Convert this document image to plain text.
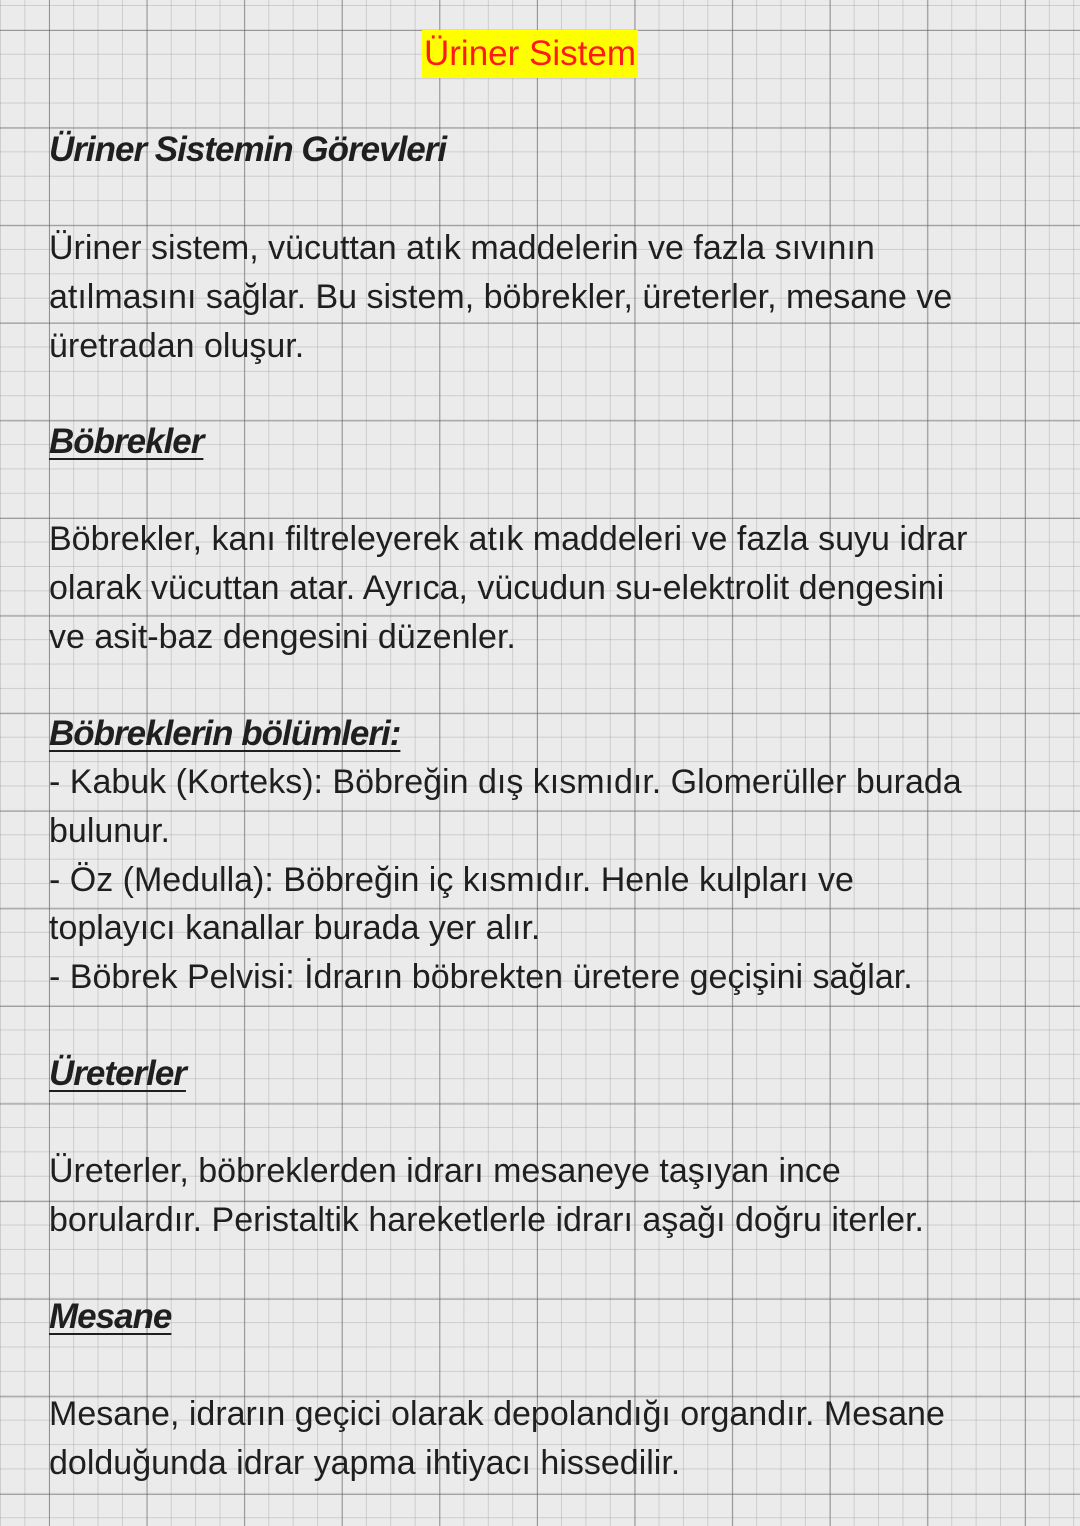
Üriner Sistem
Üriner Sistemin Görevleri

Üriner sistem, vücuttan atık maddelerin ve fazla sıvının
atılmasını sağlar. Bu sistem, böbrekler, üreterler, mesane ve
üretradan oluşur.

Böbrekler

Böbrekler, kanı filtreleyerek atık maddeleri ve fazla suyu idrar
olarak vücuttan atar. Ayrıca, vücudun su-elektrolit dengesini
ve asit-baz dengesini düzenler.

Böbreklerin bölümleri:

- Kabuk (Korteks): Böbreğin dış kısmıdır. Glomerüller burada
bulunur.
- Öz (Medulla): Böbreğin iç kısmıdır. Henle kulpları ve
toplayıcı kanallar burada yer alır.
- Böbrek Pelvisi: İdrarın böbrekten üretere geçişini sağlar.

Üreterler

Üreterler, böbreklerden idrarı mesaneye taşıyan ince
borulardır. Peristaltik hareketlerle idrarı aşağı doğru iterler.

Mesane

Mesane, idrarın geçici olarak depolandığı organdır. Mesane
dolduğunda idrar yapma ihtiyacı hissedilir.
